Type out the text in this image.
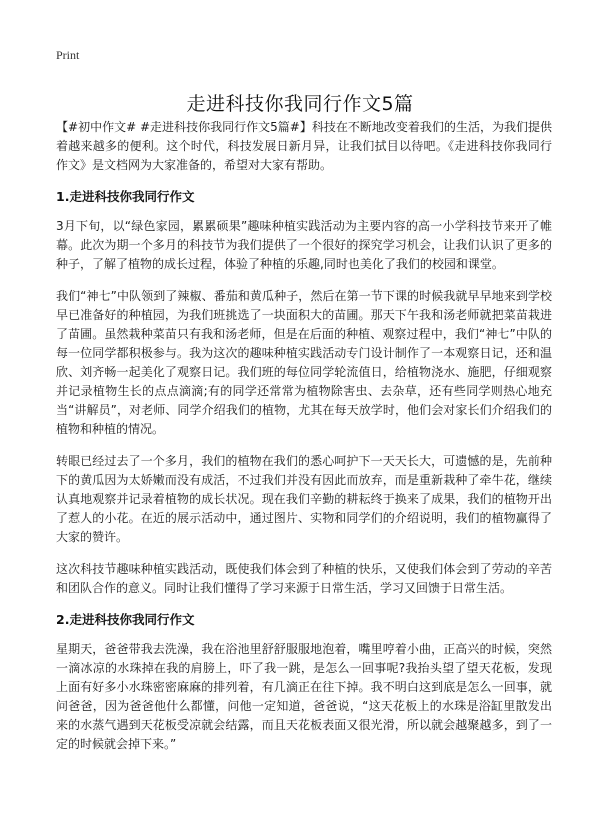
Print
走进科技你我同行作文5篇

【#初中作文# #走进科技你我同行作文5篇#】科技在不断地改变着我们的生活，为我们提供着越来越多的便利。这个时代，科技发展日新月异，让我们拭目以待吧。《走进科技你我同行作文》是文档网为大家准备的，希望对大家有帮助。

1.走进科技你我同行作文

3月下旬，以“绿色家园，累累硕果”趣味种植实践活动为主要内容的高一小学科技节来开了帷幕。此次为期一个多月的科技节为我们提供了一个很好的探究学习机会，让我们认识了更多的种子，了解了植物的成长过程，体验了种植的乐趣,同时也美化了我们的校园和课堂。

我们“神七”中队领到了辣椒、番茄和黄瓜种子，然后在第一节下课的时候我就早早地来到学校早已准备好的种植园，为我们班挑选了一块面积大的苗圃。那天下午我和汤老师就把菜苗栽进了苗圃。虽然栽种菜苗只有我和汤老师，但是在后面的种植、观察过程中，我们“神七”中队的每一位同学都积极参与。我为这次的趣味种植实践活动专门设计制作了一本观察日记，还和温欣、刘齐畅一起美化了观察日记。我们班的每位同学轮流值日，给植物浇水、施肥，仔细观察并记录植物生长的点点滴滴;有的同学还常常为植物除害虫、去杂草，还有些同学则热心地充当“讲解员”，对老师、同学介绍我们的植物，尤其在每天放学时，他们会对家长们介绍我们的植物和种植的情况。

转眼已经过去了一个多月，我们的植物在我们的悉心呵护下一天天长大，可遗憾的是，先前种下的黄瓜因为太娇嫩而没有成活，不过我们并没有因此而放弃，而是重新栽种了牵牛花，继续认真地观察并记录着植物的成长状况。现在我们辛勤的耕耘终于换来了成果，我们的植物开出了惹人的小花。在近的展示活动中，通过图片、实物和同学们的介绍说明，我们的植物赢得了大家的赞许。

这次科技节趣味种植实践活动，既使我们体会到了种植的快乐，又使我们体会到了劳动的辛苦和团队合作的意义。同时让我们懂得了学习来源于日常生活，学习又回馈于日常生活。

2.走进科技你我同行作文

星期天，爸爸带我去洗澡，我在浴池里舒舒服服地泡着，嘴里哼着小曲，正高兴的时候，突然一滴冰凉的水珠掉在我的肩膀上，吓了我一跳，是怎么一回事呢?我抬头望了望天花板，发现上面有好多小水珠密密麻麻的排列着，有几滴正在往下掉。我不明白这到底是怎么一回事，就问爸爸，因为爸爸他什么都懂，问他一定知道，爸爸说，“这天花板上的水珠是浴缸里散发出来的水蒸气遇到天花板受凉就会结露，而且天花板表面又很光滑，所以就会越聚越多，到了一定的时候就会掉下来。”
